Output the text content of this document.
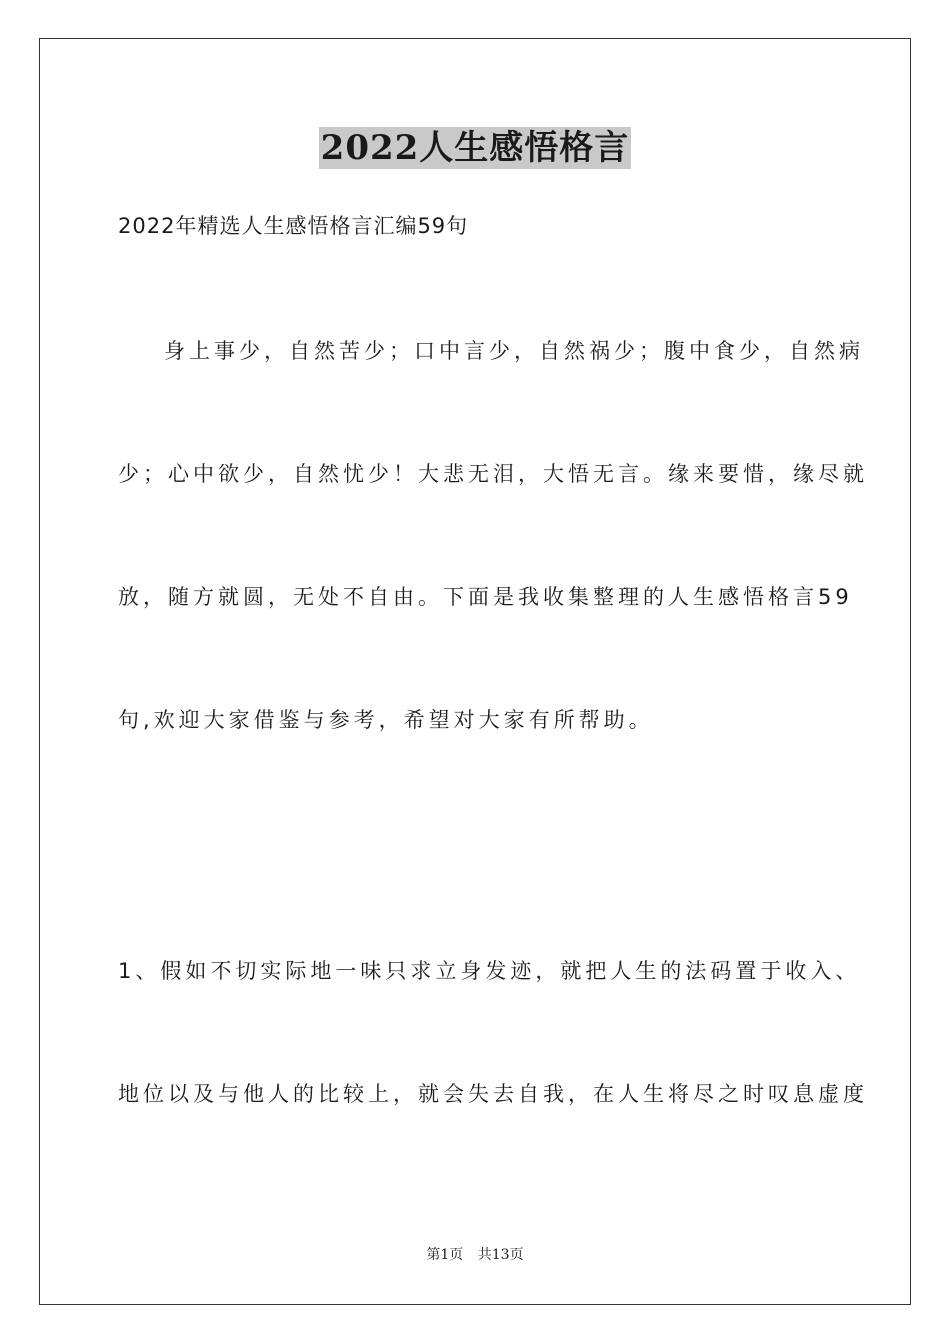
2022人生感悟格言
2022年精选人生感悟格言汇编59句
身上事少，自然苦少；口中言少，自然祸少；腹中食少，自然病
少；心中欲少，自然忧少！大悲无泪，大悟无言。缘来要惜，缘尽就
放，随方就圆，无处不自由。下面是我收集整理的人生感悟格言59
句,欢迎大家借鉴与参考，希望对大家有所帮助。
1、假如不切实际地一味只求立身发迹，就把人生的法码置于收入、
地位以及与他人的比较上，就会失去自我，在人生将尽之时叹息虚度
第1页 共13页
